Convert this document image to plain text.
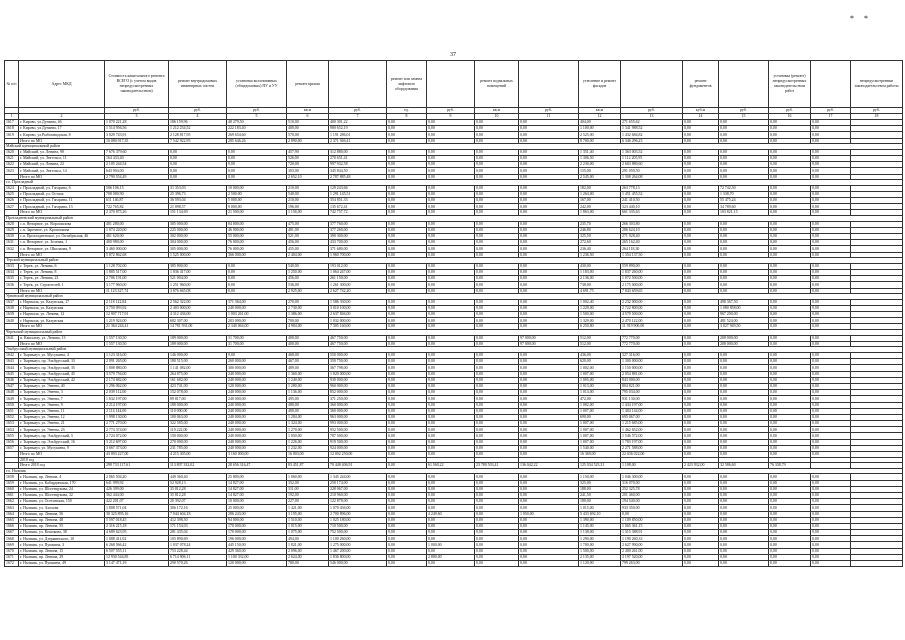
* *
37
№ п/п	Адрес МКД	Стоимость капитального ремонта ВСЕГО (с учетом видов непредусмотренных законодательством)	ремонт внутридомовых инженерных систем	установка коллективных (общедомовых) ПУ и УУ	ремонт крыши		ремонт или замена лифтового оборудования		ремонт подвальных помещений		утепление и ремонт фасадов		ремонт фундаментов		установка (ремонт) непредусмотренных законодательством работ		непредусмотренные законодательством работы
		руб.	руб.	руб.	кв.м	руб.	ед.	руб.	кв.м	руб.	кв.м	руб.	куб.м	руб.	руб.	руб.	руб.
1	2	3	4	5	6	7	8	9	10	11	12	13	14	15	16	17	18
1617	г. Кирово, ул.Дунаева, 46	1 070 221,28	186 159,96	48 279,50	510,00	400 301,22	0,00	0,00	0,00	0,00	404,00	271 655,62	0,00	0,00	0,00	0,00	
1618	г. Кирово, ул.Дунаева, 17	1 514 956,56	1 212 234,52	222 183,40	400,00	980 652,19	0,00	0,00	0,00	0,00	1 100,00	1 341 988,52	0,00	0,00	0,00	0,00	
1619	г. Кирово, ул.Рыбозаводская, 8	3 029 743,91	2 128 817,95	269 654,60	570,00	1 191 286,01	0,00	0,00	0,00	0,00	2 525,00	1 432 684,82	0,00	0,00	0,00	0,00	
	Итого по МО	10 080 917,35	7 542 922,95	285 646,26	2 890,00	2 371 946,41	0,00	0,00	0,00	0,00	8 700,00	6 346 296,23	0,00	0,00	0,00	0,00	
Майский муниципальный район																	
1620	г. Майский, ул. Ленина, 98	7 676 379,60	0,00	0,00	457,90	312 880,00	0,00	0,00	0,00	0,00	1 351,40	1 363 003,52	0,00	0,00	0,00	0,00	
1621	г. Майский, ул. Энгельса, 11	164 433,40	0,00	0,00	526,00	270 651,41	0,00	0,00	0,00	0,00	1 306,50	1 112 205,95	0,00	0,00	0,00	0,00	
1622	г. Майский, ул. Ленина, 22	2 105 244,54	0,00	0,00	720,00	997 932,58	0,00	0,00	0,00	0,00	2 230,00	2 603 880,60	0,00	0,00	0,00	0,00	
1623	г. Майский, ул. Энгельса, 14	643 904,00	0,00	0,00	303,00	345 844,50	0,00	0,00	0,00	0,00	155,00	291 059,50	0,00	0,00	0,00	0,00	
	Итого по МО	2 790 554,49	0,00	0,00	2 652,10	2 787 885,48	0,00	0,00	0,00	0,00	2 545,00	1 308 264,08	0,00	0,00	0,00	0,00	
г.о. Прохладный																	
1624	г. Прохладный, ул. Гагарина, 6	506 106,15	31 353,03	10 000,00	210,00	129 243,66	0,00	0,00	0,00	0,00	182,00	263 778,13	0,00	72 742,50	0,00	0,00	
1625	г. Прохладный, ул. Остапа	708 080,90	25 396,73	2 500,00	540,00	1 291 145,51	0,00	0,00	0,00	0,00	1 264,00	1 451 455,52	0,00	1 338,70	0,00	0,00	
1626	г. Прохладный, ул. Гагарина, 11	611 146,87	36 593,04	5 000,00	210,00	354 851,33	0,00	0,00	0,00	0,00	167,00	241 410,50	0,00	55 475,24	0,00	0,00	
1627	г. Прохладный, ул. Гагарина, 13	722 765,82	21 098,57	9 000,00	196,00	135 672,41	0,00	0,00	0,00	0,00	242,00	323 440,10	0,00	34 789,60	0,00	0,00	
	Итого по МО	2 370 875,26	151 134,69	21 500,00	1 156,00	742 757,72	0,00	0,00	0,00	0,00	1 863,00	661 335,63	0,00	103 821,15	0,00	0,00	
Прохладненский муниципальный район																	
1628	с.п. Янтарное, ул. Ворошилова	401 280,00	305 000,00	84 000,00	475,00	377 760,00	0,00	0,00	0,00	0,00	235,70	266 303,80	0,00	0,00	0,00	0,00	
1629	с.п. Заречное, ул. Кропоткина	1 074 220,00	225 000,00	46 000,00	481,00	377 260,00	0,00	0,00	0,00	0,00	246,80	286 624,10	0,00	0,00	0,00	0,00	
1630	с.п. Прохладненское, ул. Октябрьская, 46	461 620,00	302 000,00	55 000,00	521,00	390 300,00	0,00	0,00	0,00	0,00	325,50	271 928,40	0,00	0,00	0,00	0,00	
1631	с.п. Янтарное, ул. Зеленая, 1	400 980,00	304 000,00	76 000,00	456,00	433 700,00	0,00	0,00	0,00	0,00	272,60	265 162,40	0,00	0,00	0,00	0,00	
1632	с.п. Янтарное, ул. Школьная, 9	3 460 000,00	305 000,00	76 000,00	455,00	371 680,00	0,00	0,00	0,00	0,00	236,40	264 118,30	0,00	0,00	0,00	0,00	
	Итого по МО	5 872 862,68	1 525 000,00	366 000,00	2 404,00	1 960 700,00	0,00	0,00	0,00	0,00	1 236,50	1 354 137,50	0,00	0,00	0,00	0,00	
Терский муниципальный район																	
1633	г. Терек, ул. Ленина, 6	1 128 702,00	385 800,00	0,00	540,00	193 012,00	0,00	0,00	0,00	0,00	430,00	559 890,00	0,00	0,00	0,00	0,00	
1634	г. Терек, ул. Ленина, 8	1 885 517,00	1 836 417,00	0,00	1 250,00	1 064 247,00	0,00	0,00	0,00	0,00	1 183,00	1 837 260,00	0,00	0,00	0,00	0,00	
1635	г. Терек, ул. Ленина, 23	2 706 191,00	521 004,00	0,00	456,00	261 150,00	0,00	0,00	0,00	0,00	2 136,00	1 072 500,00	0,00	0,00	0,00	0,00	
1636	г. Терек, ул. Строителей, 1	3 177 960,00	1 251 960,00	0,00	536,00	1 261 300,00	0,00	0,00	0,00	0,00	738,00	2 175 000,00	0,00	0,00	0,00	0,00	
	Итого по МО	11 123 327,74	3 876 665,08	0,00	2 925,00	2 627 742,20	0,00	0,00	0,00	0,00	4 691,75	7 843 659,65	0,00	0,00	0,00	0,00	
Урванский муниципальный район																	
1637	г. Нарткала, ул. Кахунская, 17	2 118 122,84	2 562 322,00	371 364,00	270,00	1 586 330,00	0,00	0,00	0,00	0,00	1 002,40	2 232 000,00	0,00	498 367,50	0,00	0,00	
1638	г. Нарткала, ул. Кахунская	3 750 093,92	2 403 000,00	240 000,00	2 730,00	3 010 100,00	0,00	0,00	0,00	0,00	1 229,00	2 722 800,00	0,00	1 080 858,00	0,00	0,00	
1639	г. Нарткала, ул. Ленина, 12	12 907 717,91	4 312 436,00	1 003 261,00	1 386,00	2 637 846,00	0,00	0,00	0,00	0,00	1 500,00	4 579 500,00	0,00	967 200,00	0,00	0,00	
1640	г. Нарткала, ул. Кахунская	1 219 924,00	682 307,00	203 000,00	700,00	1 032 000,00	0,00	0,00	0,00	0,00	1 329,00	2 470 122,00	0,00	481 524,00	0,00	0,00	
	Итого по МО	21 364 244,41	14 781 931,00	2 340 064,00	4 984,00	7 305 160,00	0,00	0,00	0,00	0,00	6 250,80	11 919 900,00	0,00	3 027 949,50	0,00	0,00	
Черекский муниципальный район																	
1641	п. Кашхатау, ул. Ленина, 13	1 557 130,50	189 000,00	31 700,00	400,00	467 750,00	0,00	0,00	0,00	97 000,00	512,00	772 770,00	0,00	208 000,00	0,00	0,00	
	Итого по МО	1 557 130,50	189 000,00	31 700,00	400,00	467 750,00	0,00	0,00	0,00	97 000,00	512,00	772 770,00	0,00	208 000,00	0,00	0,00	
Эльбрусский муниципальный район																	
1642	г. Тырныауз, ул. Мусукаева, 4	1 123 316,00	146 000,00	0,00	468,00	550 000,00	0,00	0,00	0,00	0,00	436,00	327 316,00	0,00	0,00	0,00	0,00	
1643	г. Тырныауз, пр. Эльбрусский, 33	2 091 265,00	180 515,00	260 000,00	467,00	350 750,00	0,00	0,00	0,00	0,00	620,00	1 300 000,00	0,00	0,00	0,00	0,00	
1644	г. Тырныауз, пр. Эльбрусский, 35	1 808 880,00	1 141 082,00	300 000,00	489,00	367 798,00	0,00	0,00	0,00	0,00	1 002,00	1 150 000,00	0,00	0,00	0,00	0,00	
1645	г. Тырныауз, пр. Эльбрусский, 45	3 579 756,00	264 875,00	240 000,00	1 360,00	1 020 000,00	0,00	0,00	0,00	0,00	1 007,00	2 054 881,00	0,00	0,00	0,00	0,00	
1646	г. Тырныауз, пр. Эльбрусский, 42	2 174 682,00	161 682,00	240 000,00	1 240,00	930 000,00	0,00	0,00	0,00	0,00	1 005,00	843 000,00	0,00	0,00	0,00	0,00	
1647	г. Тырныауз, ул. Энеева, 40	1 296 062,00	423 741,00	120 000,00	1 280,00	960 000,00	0,00	0,00	0,00	0,00	1 013,00	804 821,00	0,00	0,00	0,00	0,00	
1648	г. Тырныауз, ул. Энеева, 3	2 039 112,00	152 078,00	240 000,00	1 136,00	852 000,00	0,00	0,00	0,00	0,00	1 013,00	795 034,00	0,00	0,00	0,00	0,00	
1649	г. Тырныауз, ул. Энеева, 7	1 632 197,00	89 817,00	240 000,00	495,00	371 250,00	0,00	0,00	0,00	0,00	472,00	931 130,00	0,00	0,00	0,00	0,00	
1650	г. Тырныауз, ул. Энеева, 9	2 214 197,00	180 000,00	240 000,00	480,00	360 000,00	0,00	0,00	0,00	0,00	1 082,00	1 434 197,00	0,00	0,00	0,00	0,00	
1651	г. Тырныауз, ул. Энеева, 11	2 114 144,00	110 000,00	240 000,00	480,00	360 000,00	0,00	0,00	0,00	0,00	1 007,00	1 404 144,00	0,00	0,00	0,00	0,00	
1652	г. Тырныауз, ул. Энеева, 12	1 998 130,00	100 063,00	240 000,00	1 284,00	963 000,00	0,00	0,00	0,00	0,00	690,00	695 067,00	0,00	0,00	0,00	0,00	
1653	г. Тырныауз, ул. Энеева, 21	2 771 270,00	322 585,00	240 000,00	1 324,00	993 000,00	0,00	0,00	0,00	0,00	1 007,00	1 215 685,00	0,00	0,00	0,00	0,00	
1654	г. Тырныауз, ул. Энеева, 23	2 774 374,00	119 222,00	240 000,00	1 270,00	952 500,00	0,00	0,00	0,00	0,00	1 007,00	1 462 652,00	0,00	0,00	0,00	0,00	
1655	г. Тырныауз, пр. Эльбрусский, 5	2 724 072,00	150 000,00	240 000,00	1 050,00	787 500,00	0,00	0,00	0,00	0,00	1 007,00	1 546 572,00	0,00	0,00	0,00	0,00	
1656	г. Тырныауз, пр. Эльбрусский, 16	3 212 697,00	270 000,00	240 000,00	1 226,00	919 500,00	0,00	0,00	0,00	0,00	1 007,00	1 783 197,00	0,00	0,00	0,00	0,00	
1657	г. Тырныауз, ул. Мусукаева, 9	3 667 373,00	231 785,00	240 000,00	1 232,00	924 000,00	0,00	0,00	0,00	0,00	1 540,00	2 271 588,00	0,00	0,00	0,00	0,00	
	Итого по МО	43 093 227,00	4 215 305,00	3 160 000,00	16 003,00	12 002 250,00	0,00	0,00	0,00	0,00	16 369,00	22 036 022,00	0,00	0,00	0,00	0,00	
	2018 год																
	Итого 2018 год	298 733 117,61	113 807 332,02	28 656 316,47	83 451,87	70 448 406,91	0,00	61 560,22	23 780 503,41	136 042,22	125 034 523,31	1 108,00	2 423 932,00	32 586,60	76 338,79		
г.о. Нальчик																	
1658	г. Нальчик, пр. Ленина, 4	2 065 504,20	449 360,40	25 800,00	1 060,00	1 345 244,00	0,00	0,00	0,00	0,00	1 150,00	1 046 300,00	0,00	0,00	0,00	0,00	
1659	г. Нальчик, ул. Кабардинская, 170	641 999,92	52 928,13	14 827,00	352,00	258 174,00	0,00	0,00	0,00	0,00	325,00	316 070,00	0,00	0,00	0,00	0,00	
1660	г. Нальчик, ул. Шогенцукова, 24	426 399,00	35 812,28	14 827,00	311,00	228 067,00	0,00	0,00	0,00	0,00	188,00	252 325,78	0,00	0,00	0,00	0,00	
1661	г. Нальчик, ул. Шогенцукова, 32	362 444,00	35 812,28	14 827,00	192,00	210 960,00	0,00	0,00	0,00	0,00	241,50	201 460,00	0,00	0,00	0,00	0,00	
1662	г. Нальчик, ул. Осетинская, 150	422 201,07	20 392,07	10 000,00	227,00	122 878,00	0,00	0,00	0,00	0,00	180,00	194 540,00	0,00	0,00	0,00	0,00	
1663	г. Нальчик, ул. Ахохова	1 808 571,04	306 172,16	25 000,00	1 421,00	1 070 436,00	0,00	0,00	0,00	0,00	1 015,00	933 350,00	0,00	0,00	0,00	0,00	
1664	г. Нальчик, пр. Ленина, 56	30 325 895,16	7 044 604,18	286 243,00	3 195,00	2 700 896,00	0,00	4 249,60	0,00	1 050,00	5 433 692,10	0,00	0,00	0,00	0,00	0,00	
1665	г. Нальчик, пр. Ленина, 48	5 597 018,45	412 398,50	94 000,00	1 510,00	1 025 180,00	0,00	0,00	0,00	0,00	1 390,00	1 109 850,00	0,00	0,00	0,00	0,00	
1666	г. Нальчик, пр. Ленина, 55	2 316 215,18	171 154,03	170 000,00	1 015,00	710 500,00	0,00	0,00	0,00	0,00	1 145,00	1 065 361,15	0,00	0,00	0,00	0,00	
1667	г. Нальчик, ул. Кешокова, 38	4 689 623,95	281 435,04	170 000,00	1 075,00	752 500,00	0,00	0,00	0,00	0,00	1 138,00	1 315 388,91	0,00	0,00	0,00	0,00	
1668	г. Нальчик, ул. Дзержинского, 10	1 088 411,02	105 890,69	196 000,00	494,00	1 100 260,00	0,00	0,00	0,00	0,00	1 290,00	1 190 260,33	0,00	0,00	0,00	0,00	
1669	г. Нальчик, ул. Пушкина, 3	6 268 566,42	1 037 078,24	445 150,00	1 821,00	1 275 000,00	0,00	1 000,00	0,00	0,00	1 700,00	2 627 990,00	0,00	0,00	0,00	0,00	
1670	г. Нальчик, пр. Ленина, 15	6 507 555,11	753 228,44	429 360,00	2 096,00	1 467 200,00	0,00	0,00	0,00	0,00	1 500,00	2 400 261,00	0,00	0,00	0,00	0,00	
1671	г. Нальчик, пр. Ленина, 29	12 930 544,85	6 714 906,11	1 100 332,00	2 624,00	1 836 800,00	0,00	2 880,00	0,00	0,00	2 135,00	3 197 520,00	0,00	0,00	0,00	0,00	
1672	г. Нальчик, ул. Пушкина, 49	3 147 471,19	290 570,26	120 000,00	780,00	546 000,00	0,00	0,00	0,00	0,00	1 120,00	799 263,00	0,00	0,00	0,00	0,00	
